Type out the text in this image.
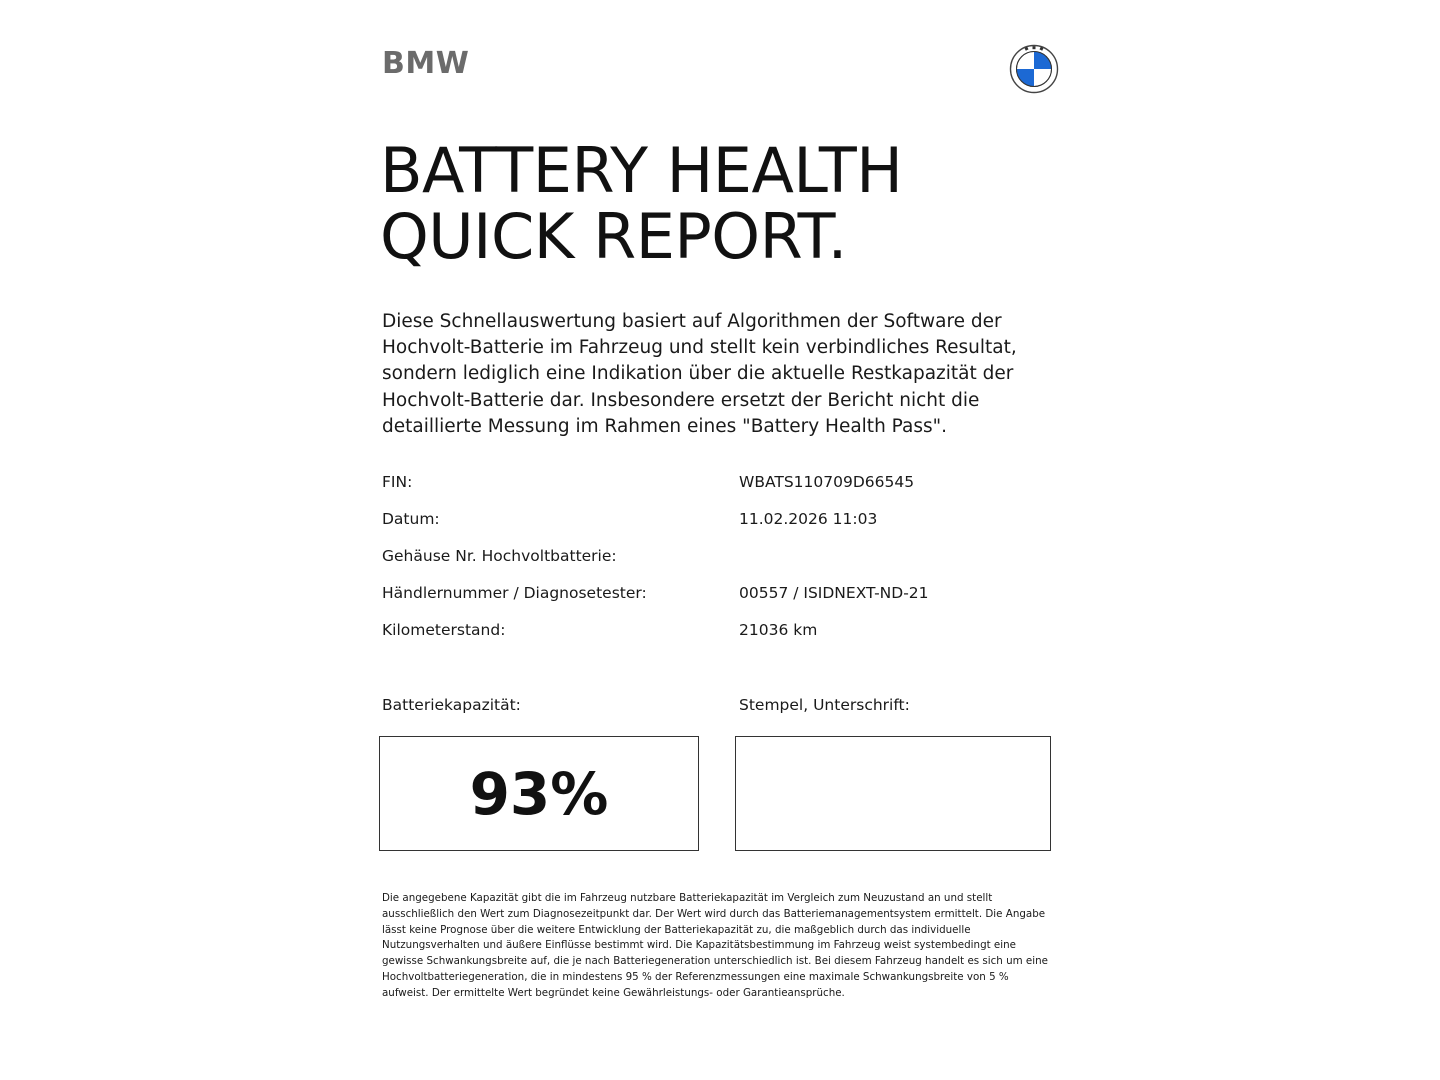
BMW
BATTERY HEALTH
QUICK REPORT.
Diese Schnellauswertung basiert auf Algorithmen der Software der Hochvolt-Batterie im Fahrzeug und stellt kein verbindliches Resultat, sondern lediglich eine Indikation über die aktuelle Restkapazität der Hochvolt-Batterie dar. Insbesondere ersetzt der Bericht nicht die detaillierte Messung im Rahmen eines "Battery Health Pass".
FIN:	WBATS110709D66545
Datum:	11.02.2026 11:03
Gehäuse Nr. Hochvoltbatterie:
Händlernummer / Diagnosetester:	00557 / ISIDNEXT-ND-21
Kilometerstand:	21036 km
Batteriekapazität:	Stempel, Unterschrift:
93%
Die angegebene Kapazität gibt die im Fahrzeug nutzbare Batteriekapazität im Vergleich zum Neuzustand an und stellt ausschließlich den Wert zum Diagnosezeitpunkt dar. Der Wert wird durch das Batteriemanagementsystem ermittelt. Die Angabe lässt keine Prognose über die weitere Entwicklung der Batteriekapazität zu, die maßgeblich durch das individuelle Nutzungsverhalten und äußere Einflüsse bestimmt wird. Die Kapazitätsbestimmung im Fahrzeug weist systembedingt eine gewisse Schwankungsbreite auf, die je nach Batteriegeneration unterschiedlich ist. Bei diesem Fahrzeug handelt es sich um eine Hochvoltbatteriegeneration, die in mindestens 95 % der Referenzmessungen eine maximale Schwankungsbreite von 5 % aufweist. Der ermittelte Wert begründet keine Gewährleistungs- oder Garantieansprüche.
